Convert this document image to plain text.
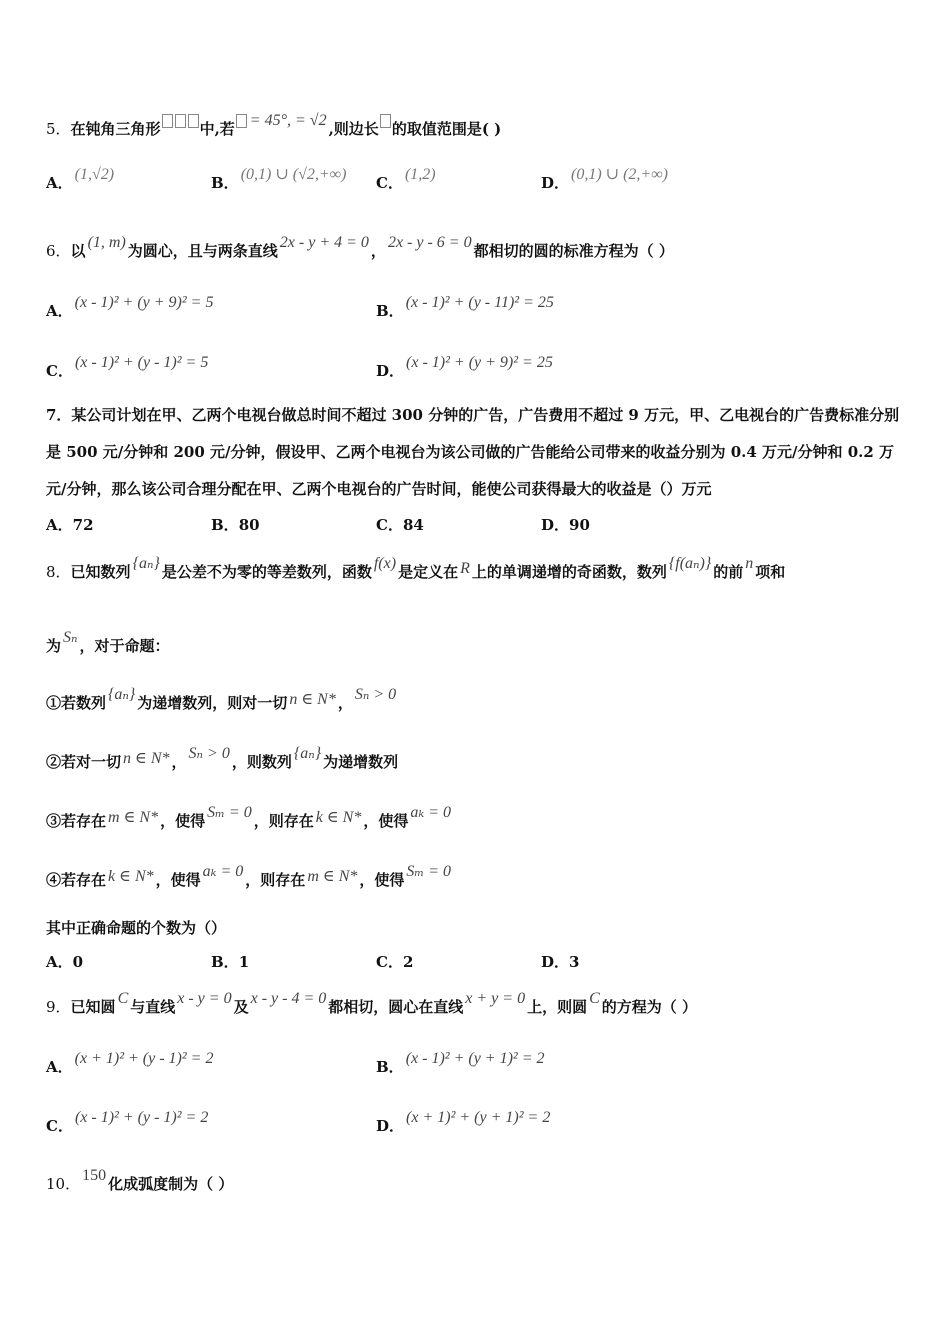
5．在钝角三角形	中,若 = 45°, = √2 ,则边长 的取值范围是( )
A． (1,√2)	B． (0,1) ∪ (√2,+∞) C． (1,2)	D． (0,1) ∪ (2,+∞)
6．以 (1, m) 为圆心，且与两条直线 2x - y + 4 = 0 ， 2x - y - 6 = 0 都相切的圆的标准方程为（ ）
A． (x - 1)² + (y + 9)² = 5	B． (x - 1)² + (y - 11)² = 25
C． (x - 1)² + (y - 1)² = 5	D． (x - 1)² + (y + 9)² = 25
7．某公司计划在甲、乙两个电视台做总时间不超过 300 分钟的广告，广告费用不超过 9 万元，甲、乙电视台的广告费标准分别是 500 元/分钟和 200 元/分钟，假设甲、乙两个电视台为该公司做的广告能给公司带来的收益分别为 0.4 万元/分钟和 0.2 万元/分钟，那么该公司合理分配在甲、乙两个电视台的广告时间，能使公司获得最大的收益是（）万元
A．72	B．80	C．84	D．90
8．已知数列 {aₙ} 是公差不为零的等差数列，函数 f(x) 是定义在 R 上的单调递增的奇函数，数列 {f(aₙ)} 的前 n 项和
为 Sₙ ，对于命题：
①若数列 {aₙ} 为递增数列，则对一切 n ∈ N* ， Sₙ > 0
②若对一切 n ∈ N* ， Sₙ > 0 ，则数列 {aₙ} 为递增数列
③若存在 m ∈ N* ，使得 Sₘ = 0 ，则存在 k ∈ N* ，使得 aₖ = 0
④若存在 k ∈ N* ，使得 aₖ = 0 ，则存在 m ∈ N* ，使得 Sₘ = 0
其中正确命题的个数为（）
A．0	B．1	C．2	D．3
9．已知圆 C 与直线 x - y = 0 及 x - y - 4 = 0 都相切，圆心在直线 x + y = 0 上，则圆 C 的方程为（ ）
A． (x + 1)² + (y - 1)² = 2	B． (x - 1)² + (y + 1)² = 2
C． (x - 1)² + (y - 1)² = 2	D． (x + 1)² + (y + 1)² = 2
10． 150 化成弧度制为（ ）
